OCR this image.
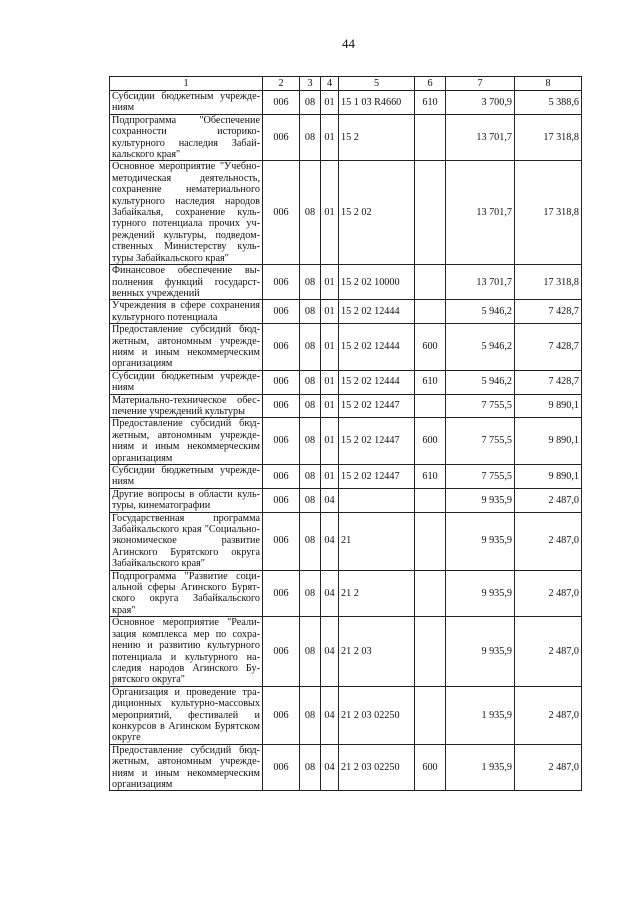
44
1	2	3	4	5	6	7	8
Субсидии бюджетным учреждениям	006	08	01	15 1 03 R4660	610	3 700,9	5 388,6
Подпрограмма "Обеспечение сохранности историко-культурного наследия Забайкальского края"	006	08	01	15 2		13 701,7	17 318,8
Основное мероприятие "Учебно-методическая деятельность, сохранение нематериального культурного наследия народов Забайкалья, сохранение культурного потенциала прочих учреждений культуры, подведомственных Министерству культуры Забайкальского края"	006	08	01	15 2 02		13 701,7	17 318,8
Финансовое обеспечение выполнения функций государственных учреждений	006	08	01	15 2 02 10000		13 701,7	17 318,8
Учреждения в сфере сохранения культурного потенциала	006	08	01	15 2 02 12444		5 946,2	7 428,7
Предоставление субсидий бюджетным, автономным учреждениям и иным некоммерческим организациям	006	08	01	15 2 02 12444	600	5 946,2	7 428,7
Субсидии бюджетным учреждениям	006	08	01	15 2 02 12444	610	5 946,2	7 428,7
Материально-техническое обеспечение учреждений культуры	006	08	01	15 2 02 12447		7 755,5	9 890,1
Предоставление субсидий бюджетным, автономным учреждениям и иным некоммерческим организациям	006	08	01	15 2 02 12447	600	7 755,5	9 890,1
Субсидии бюджетным учреждениям	006	08	01	15 2 02 12447	610	7 755,5	9 890,1
Другие вопросы в области культуры, кинематографии	006	08	04			9 935,9	2 487,0
Государственная программа Забайкальского края "Социально-экономическое развитие Агинского Бурятского округа Забайкальского края"	006	08	04	21		9 935,9	2 487,0
Подпрограмма "Развитие социальной сферы Агинского Бурятского округа Забайкальского края"	006	08	04	21 2		9 935,9	2 487,0
Основное мероприятие "Реализация комплекса мер по сохранению и развитию культурного потенциала и культурного наследия народов Агинского Бурятского округа"	006	08	04	21 2 03		9 935,9	2 487,0
Организация и проведение традиционных культурно-массовых мероприятий, фестивалей и конкурсов в Агинском Бурятском округе	006	08	04	21 2 03 02250		1 935,9	2 487,0
Предоставление субсидий бюджетным, автономным учреждениям и иным некоммерческим организациям	006	08	04	21 2 03 02250	600	1 935,9	2 487,0
